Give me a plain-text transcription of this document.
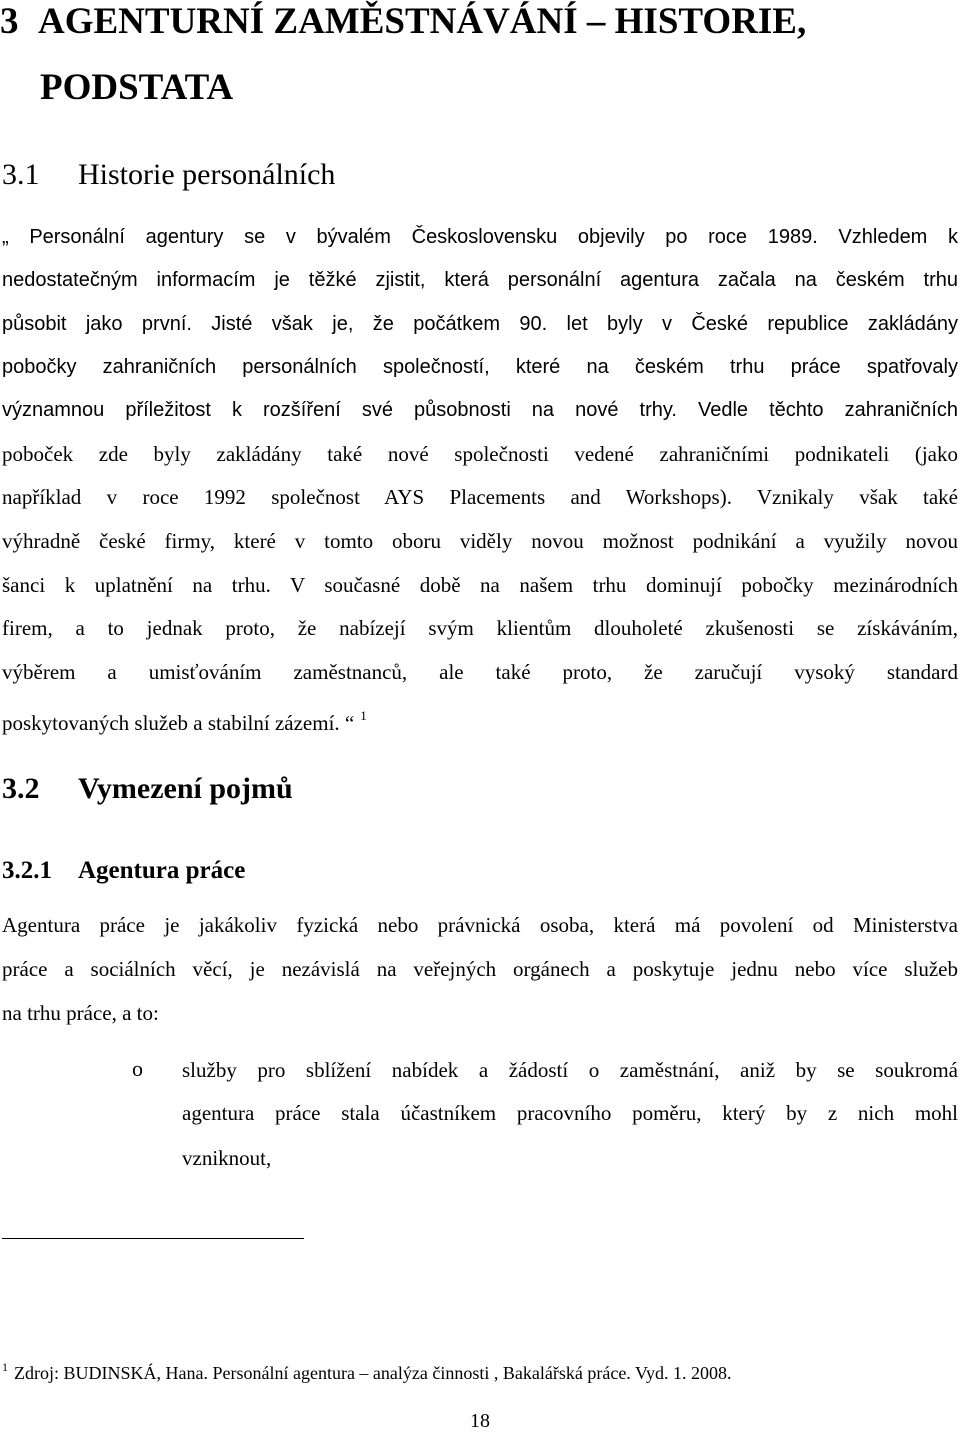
3 AGENTURNÍ ZAMĚSTNÁVÁNÍ – HISTORIE,
PODSTATA
3.1 Historie personálních
„ Personální agentury se v bývalém Československu objevily po roce 1989. Vzhledem k
nedostatečným informacím je těžké zjistit, která personální agentura začala na českém trhu
působit jako první. Jisté však je, že počátkem 90. let byly v České republice zakládány
pobočky zahraničních personálních společností, které na českém trhu práce spatřovaly
významnou příležitost k rozšíření své působnosti na nové trhy. Vedle těchto zahraničních
poboček zde byly zakládány také nové společnosti vedené zahraničními podnikateli (jako
například v roce 1992 společnost AYS Placements and Workshops). Vznikaly však také
výhradně české firmy, které v tomto oboru viděly novou možnost podnikání a využily novou
šanci k uplatnění na trhu. V současné době na našem trhu dominují pobočky mezinárodních
firem, a to jednak proto, že nabízejí svým klientům dlouholeté zkušenosti se získáváním,
výběrem a umisťováním zaměstnanců, ale také proto, že zaručují vysoký standard
poskytovaných služeb a stabilní zázemí. “ $^1$
3.2 Vymezení pojmů
3.2.1 Agentura práce
Agentura práce je jakákoliv fyzická nebo právnická osoba, která má povolení od Ministerstva
práce a sociálních věcí, je nezávislá na veřejných orgánech a poskytuje jednu nebo více služeb
na trhu práce, a to:
o služby pro sblížení nabídek a žádostí o zaměstnání, aniž by se soukromá
agentura práce stala účastníkem pracovního poměru, který by z nich mohl
vzniknout,
$^1$ Zdroj: BUDINSKÁ, Hana. Personální agentura – analýza činnosti , Bakalářská práce. Vyd. 1. 2008.
18
